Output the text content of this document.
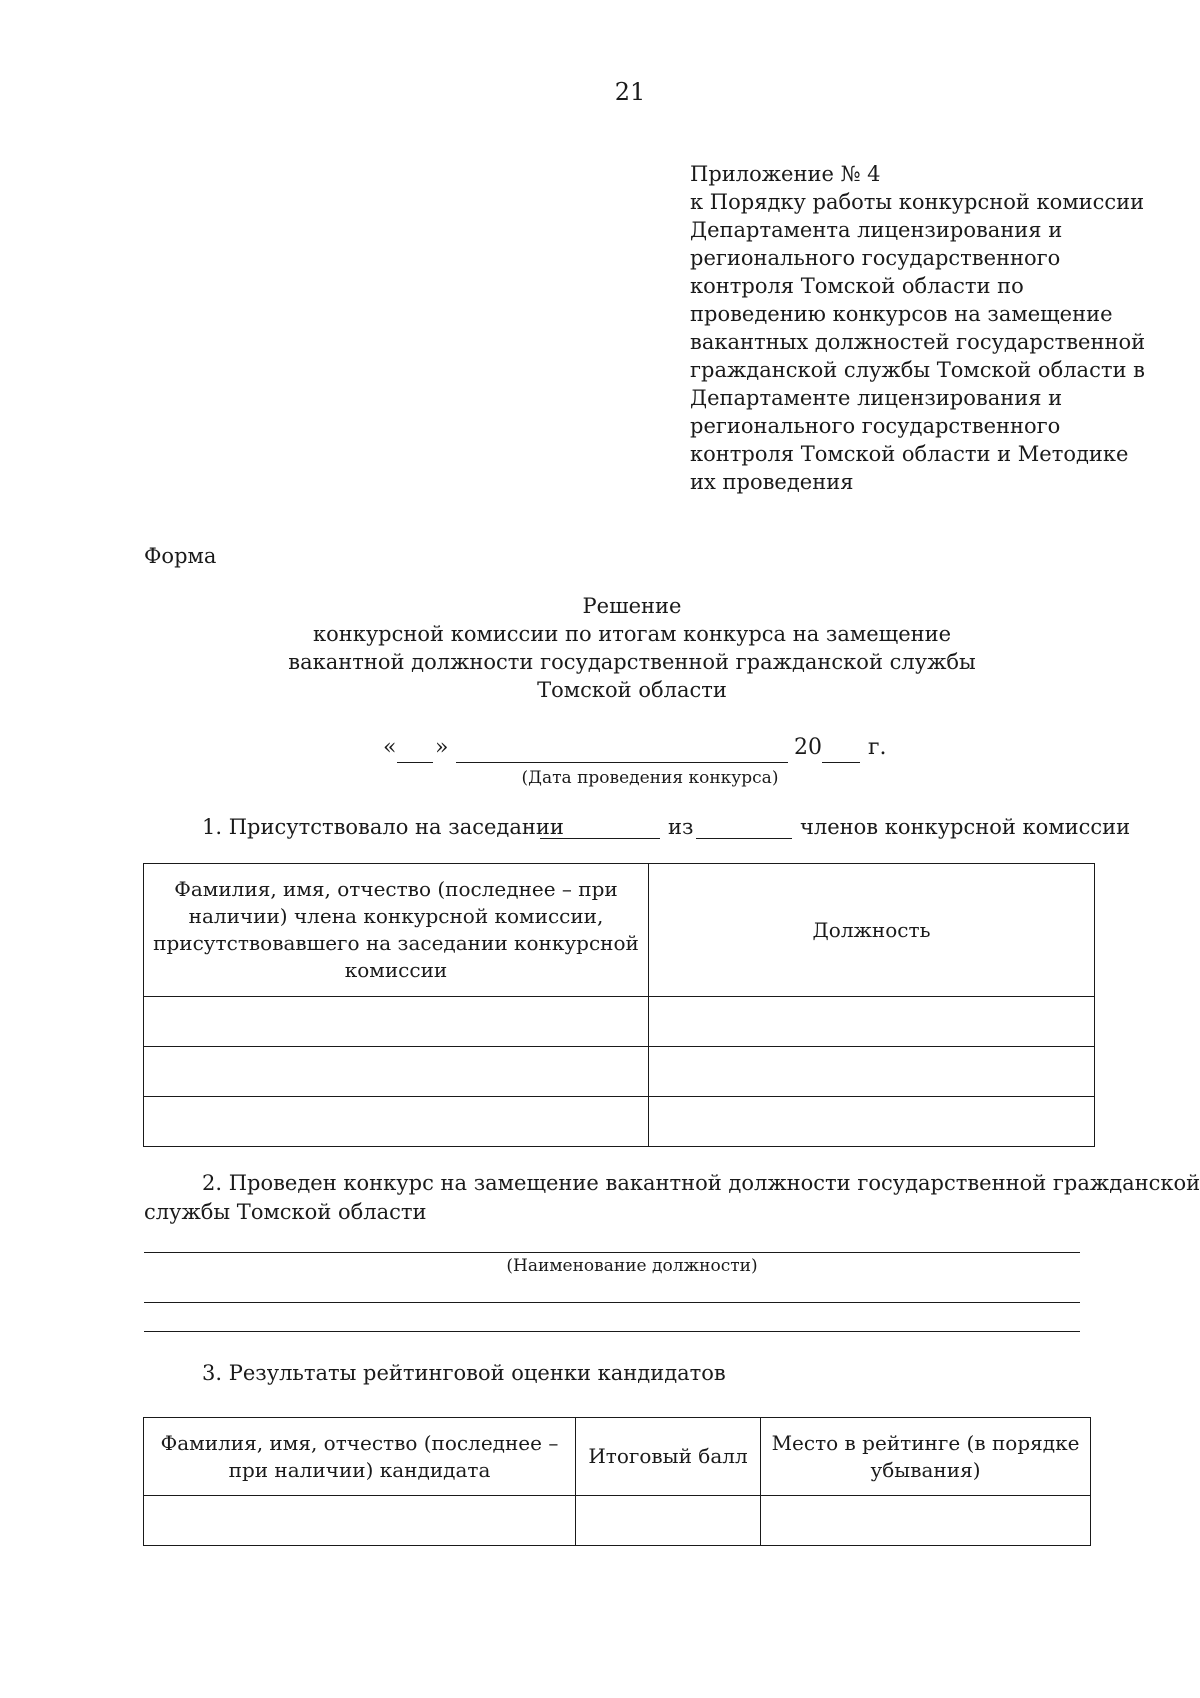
21
Приложение № 4
к Порядку работы конкурсной комиссии
Департамента лицензирования и
регионального государственного
контроля Томской области по
проведению конкурсов на замещение
вакантных должностей государственной
гражданской службы Томской области в
Департаменте лицензирования и
регионального государственного
контроля Томской области и Методике
их проведения
Форма
Решение
конкурсной комиссии по итогам конкурса на замещение
вакантной должности государственной гражданской службы
Томской области
« »	20 г.
(Дата проведения конкурса)
1. Присутствовало на заседании	из	членов конкурсной комиссии
Фамилия, имя, отчество (последнее – при наличии) члена конкурсной комиссии, присутствовавшего на заседании конкурсной комиссии	Должность

2. Проведен конкурс на замещение вакантной должности государственной гражданской
службы Томской области
(Наименование должности)
3. Результаты рейтинговой оценки кандидатов
Фамилия, имя, отчество (последнее – при наличии) кандидата	Итоговый балл	Место в рейтинге (в порядке убывания)
